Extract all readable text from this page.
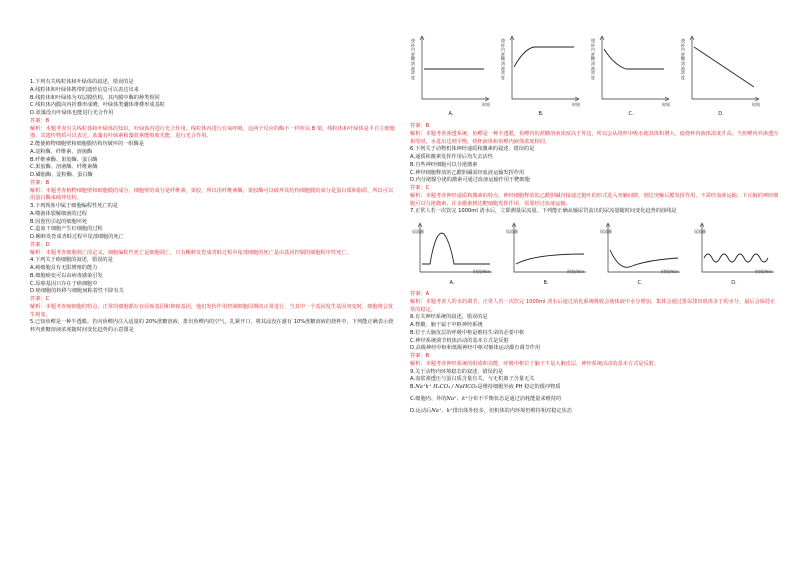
1.下列有关线粒体和叶绿体的叙述，错误的是
A.线粒体和叶绿体携带的遗传信息可以表达出来
B.线粒体和叶绿体为双层膜结构，其内膜中酶的种类相同
C.线粒体内膜向内折叠形成嵴，叶绿体类囊体堆叠形成基粒
D.蓝藻没有叶绿体也能进行光合作用
答案：B
解析：本题考查有关线粒体和叶绿体的知识。叶绿体内进行光合作用，线粒体内进行有氧呼吸，这两个反应的酶不一样所以 B 错。线粒体和叶绿体是半自主细胞器，其遗传物质可以表达。蓝藻有叶绿素和藻蓝素能吸收光能，进行光合作用。
2.能使植物细胞壁和细胞膜结构均破坏的一组酶是
A.淀粉酶、纤维素、溶菌酶
B.纤维素酶、果胶酶、蛋白酶
C.果胶酶、溶菌酶、纤维素酶
D.磷脂酶、淀粉酶、蛋白酶
答案：B
解析：本题考查植物细胞壁和细胞膜的成分，细胞壁的成分是纤维素，果胶，所以用纤维素酶，果胶酶可以破坏其结构细胞膜的成分是蛋白质和脂质，所以可以用蛋白酶来破坏结构。
3.下列现象中属于细胞编程性死亡的是
A.噬菌体裂解细菌的过程
B.因创伤引起的细胞坏死
C.造血干细胞产生红细胞的过程
D.蝌蚪发育成青蛙过程中尾部细胞的死亡
答案：D
解析：本题考查细胞凋亡的定义，细胞编程性死亡是细胞凋亡，只有蝌蚪发育成青蛙过程中尾部细胞的死亡是由基因控制的细胞程序性死亡。
4.下列关于癌细胞的叙述，错误的是
A.癌细胞具有无限增殖的能力
B.细胞癌变可以由病毒感染引发
C.原癌基因只存在于癌细胞中
D.癌细胞的转移与细胞间粘着性下降有关
答案：C
解析：本题考查癌细胞的特点，正常的细胞都存在原癌基因和抑癌基因，他们发挥作用控制细胞周期的正常进行，当其中一个基因发生基因突变时，细胞将会发生癌变。
5.已知鱼鳔是一种半透膜。若向鱼鳔内注入适量的 20%蔗糖溶液，排出鱼鳔内的空气，扎紧开口，将其浸没在盛有 10%蔗糖溶液的烧杯中，下列能正确表示烧杯内蔗糖溶液浓度随时间变化趋势的示意图是
烧杯内蔗糖溶液浓度
时间
A.
烧杯内蔗糖溶液浓度
时间
B.
烧杯内蔗糖溶液浓度
时间
C.
烧杯内蔗糖溶液浓度
时间
D.
答案：B
解析：本题考查渗透系统，鱼鳔是一种半透膜，鱼鳔内的蔗糖溶液浓度高于外边，所以会从烧杯中吸水使其体积增大，使烧杯内液体浓度升高，当鱼鳔内外渗透压相等时，水进出达到平衡，烧杯液体和鱼鳔内液体浓度相同。
6.下列关于动物机体神经递质和激素的叙述，错误的是
A.递质和激素发挥作用后均失去活性
B.有些神经细胞可以分泌激素
C.神经细胞释放的乙酰胆碱需经血液运输发挥作用
D.内分泌腺分泌的激素可通过血液运输作用于靶细胞
答案：C
解析：本题考查神经递质和激素的特点，神经细胞释放的乙酰胆碱直接通过胞吐的形式进入突触间隙，到达突触后膜发挥作用，不需经血液运输。下丘脑的神经细胞可以分泌激素，许多激素到达靶细胞发挥作用，需要经过血液运输。
7.正常人若一次饮完 1000ml 清水后，立即测量尿流量。下列能正确从输尿管流出的尿流量随时间变化趋势的曲线是
尿流量
时间/min
A.
尿流量
时间/min
B.
尿流量
时间/min
C.
尿流量
时间/min
D.
答案：A
解析：本题考查人的水的调节，正常人若一次饮完 1000ml 清水后通过消化系统吸收会使体液中水分增加，集体会通过排尿排出机体多于的水分，最后会保持正常的稳定。
8.有关神经系统的叙述，错误的是
A.脊髓、脑干属于中枢神经系统
B.位于大脑皮层的呼吸中枢是维持生命的必要中枢
C.神经系统调节机体活动的基本方式是反射
D.高级神经中枢和低级神经中枢对躯体运动都有调节作用
答案：B
解析：本题考查神经系统的组成和功能。呼吸中枢位于脑干不是大脑皮层，神经系统活动的基本方式是反射。
9.关于动物内环境稳态的叙述，错误的是
A.血浆渗透压与蛋白质含量有关，与无机离子含量无关
B.Na⁺k⁺ H₂CO₃ / NaHCO₃是维持细胞外液 PH 稳定的缓冲物质
C.细胞内、外的Na⁺、k⁺分布不平衡状态是通过消耗能量来维持的
D.运动后Na⁺、k⁺排出体外较多，但机体的内环境仍维持相对稳定状态
